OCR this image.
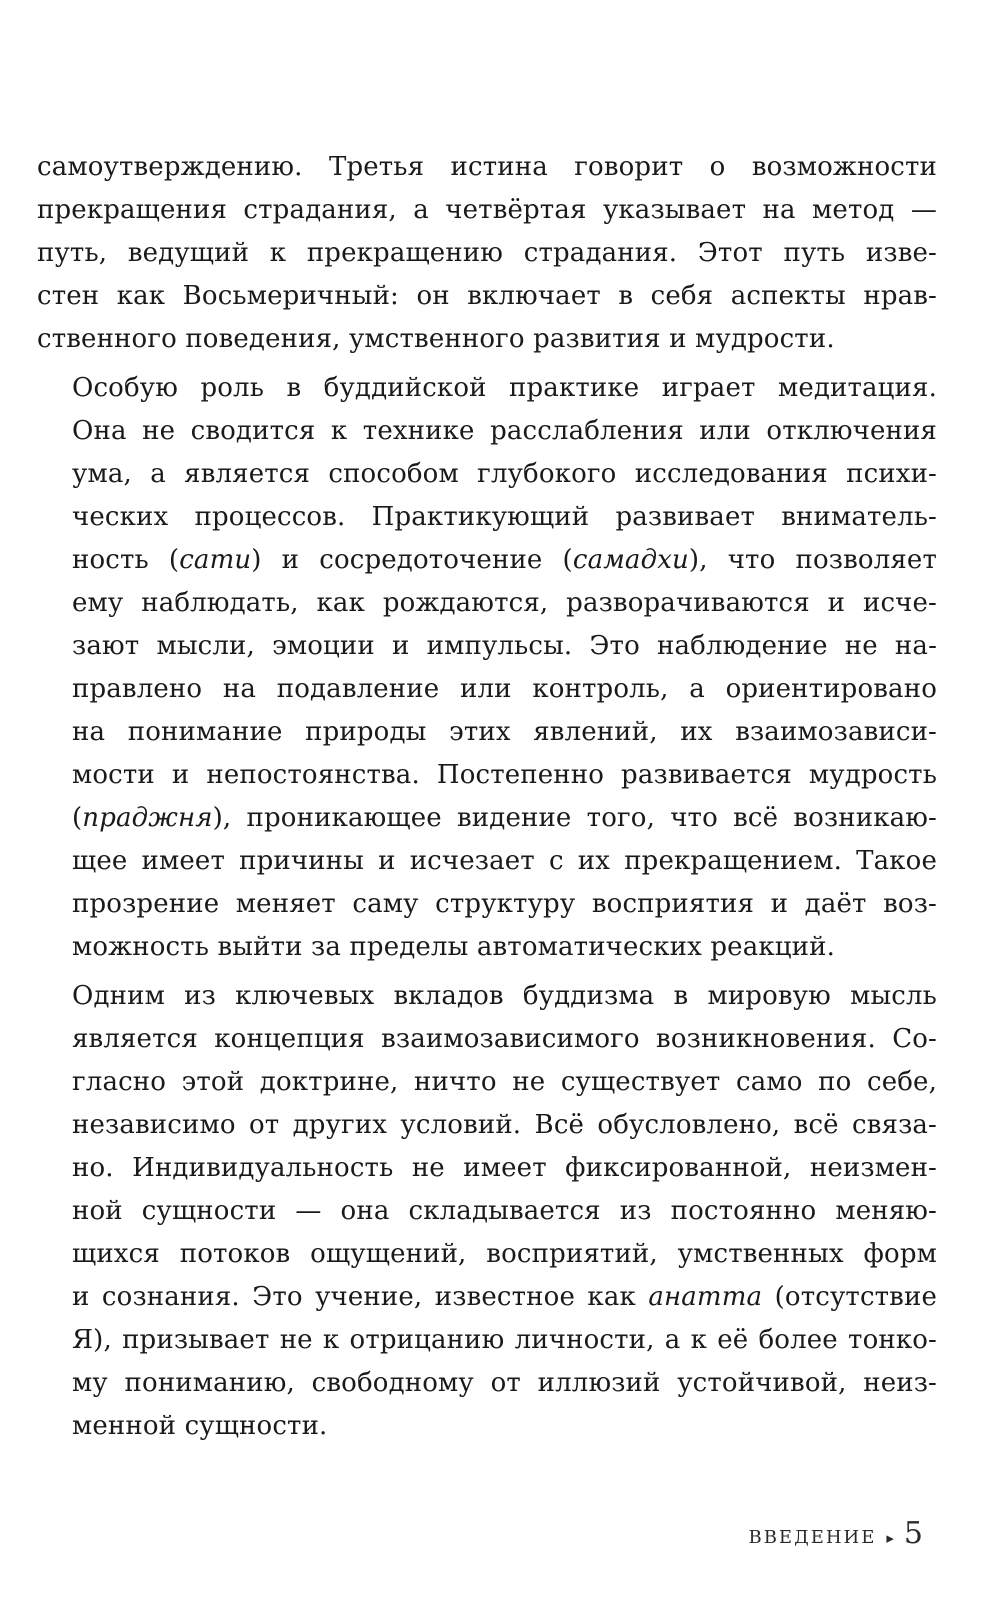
самоутверждению. Третья истина говорит о возможности
прекращения страдания, а четвёртая указывает на метод —
путь, ведущий к прекращению страдания. Этот путь изве-
стен как Восьмеричный: он включает в себя аспекты нрав-
ственного поведения, умственного развития и мудрости.

Особую роль в буддийской практике играет медитация.
Она не сводится к технике расслабления или отключения
ума, а является способом глубокого исследования психи-
ческих процессов. Практикующий развивает вниматель-
ность (сати) и сосредоточение (самадхи), что позволяет
ему наблюдать, как рождаются, разворачиваются и исче-
зают мысли, эмоции и импульсы. Это наблюдение не на-
правлено на подавление или контроль, а ориентировано
на понимание природы этих явлений, их взаимозависи-
мости и непостоянства. Постепенно развивается мудрость
(праджня), проникающее видение того, что всё возникаю-
щее имеет причины и исчезает с их прекращением. Такое
прозрение меняет саму структуру восприятия и даёт воз-
можность выйти за пределы автоматических реакций.

Одним из ключевых вкладов буддизма в мировую мысль
является концепция взаимозависимого возникновения. Со-
гласно этой доктрине, ничто не существует само по себе,
независимо от других условий. Всё обусловлено, всё связа-
но. Индивидуальность не имеет фиксированной, неизмен-
ной сущности — она складывается из постоянно меняю-
щихся потоков ощущений, восприятий, умственных форм
и сознания. Это учение, известное как анатта (отсутствие
Я), призывает не к отрицанию личности, а к её более тонко-
му пониманию, свободному от иллюзий устойчивой, неиз-
менной сущности.

ВВЕДЕНИЕ ▸ 5
